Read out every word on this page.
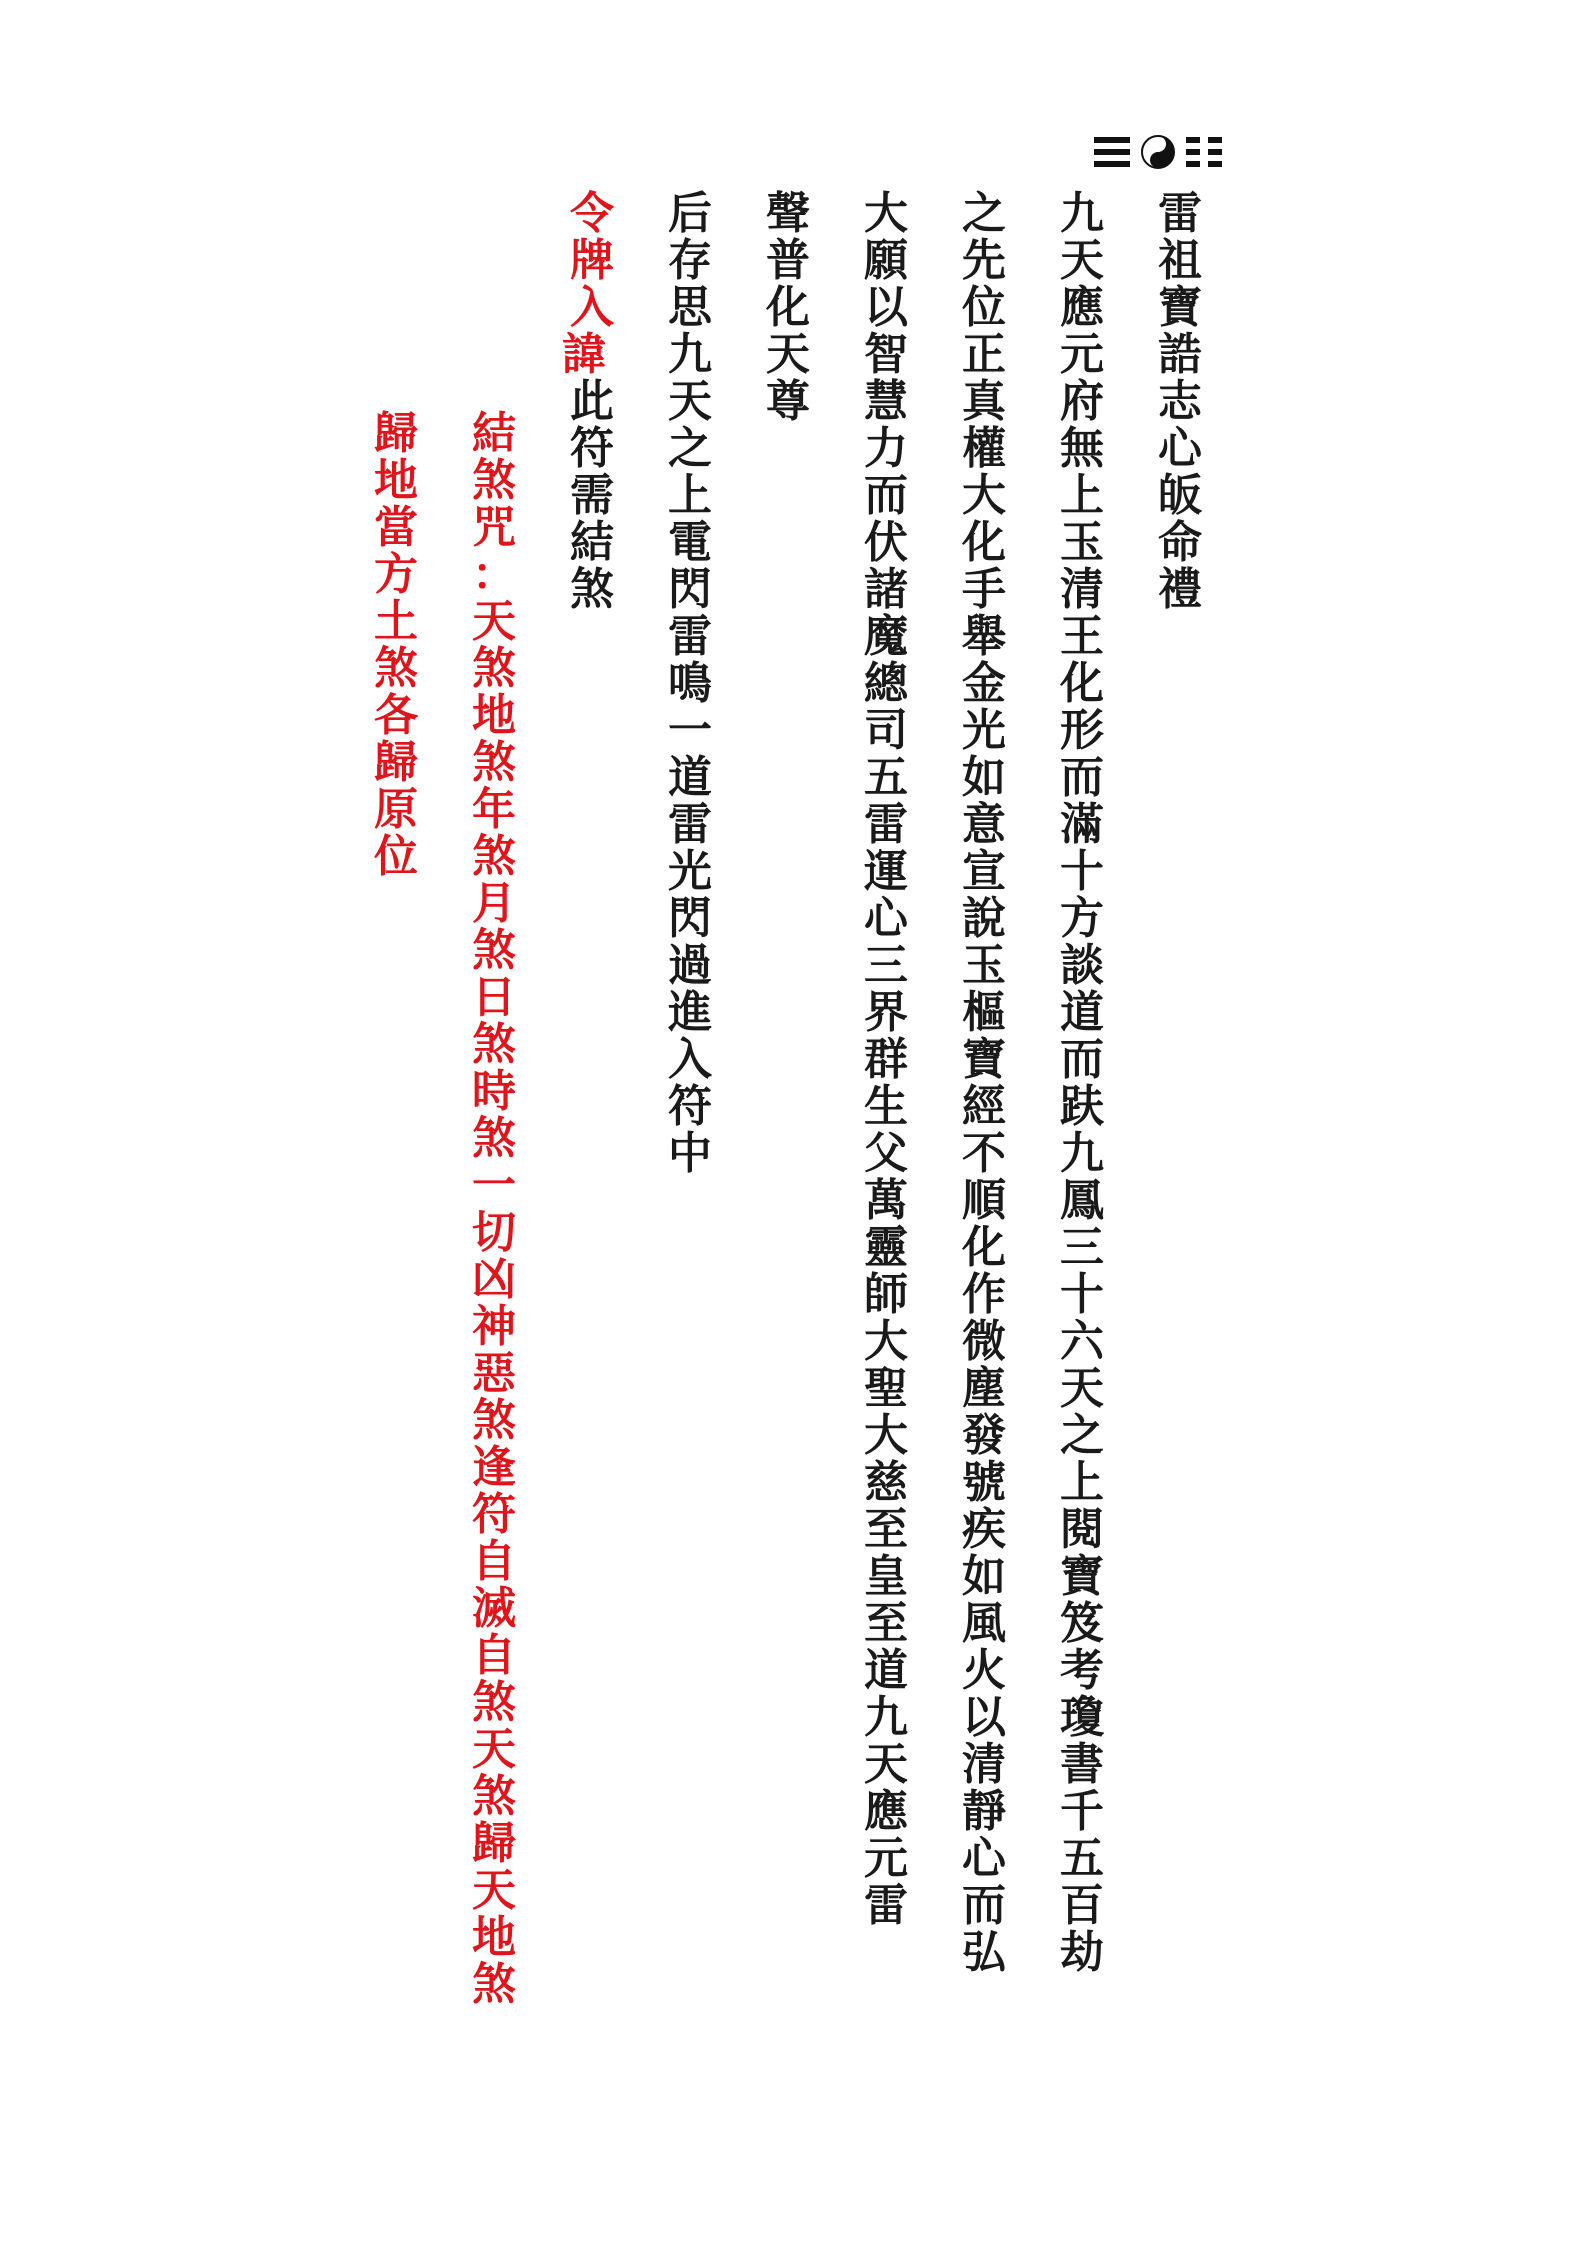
雷祖寶誥　志心皈命禮
九天應元府　無上玉清王　化形而滿十方　談道而趺九鳳　三十六天之上　閱寶笈　考瓊書　千五百劫
之先　位正真　權大化　手舉金光如意　宣說玉樞寶經　不順化作微塵　發號疾如風火　以清靜心而弘
大願　以智慧力而伏諸魔　總司五雷　運心三界　群生父　萬靈師　大聖大慈　至皇至道　九天應元雷
聲普化天尊
后存思九天之上電閃雷鳴　一道雷光閃過進入符中
令牌入諱　此符需結煞
結煞咒：天煞地煞　年煞月煞　日煞時煞　一切凶神惡煞　逢符自滅自煞　天煞歸天　地煞
歸地　當方土煞　各歸原位
